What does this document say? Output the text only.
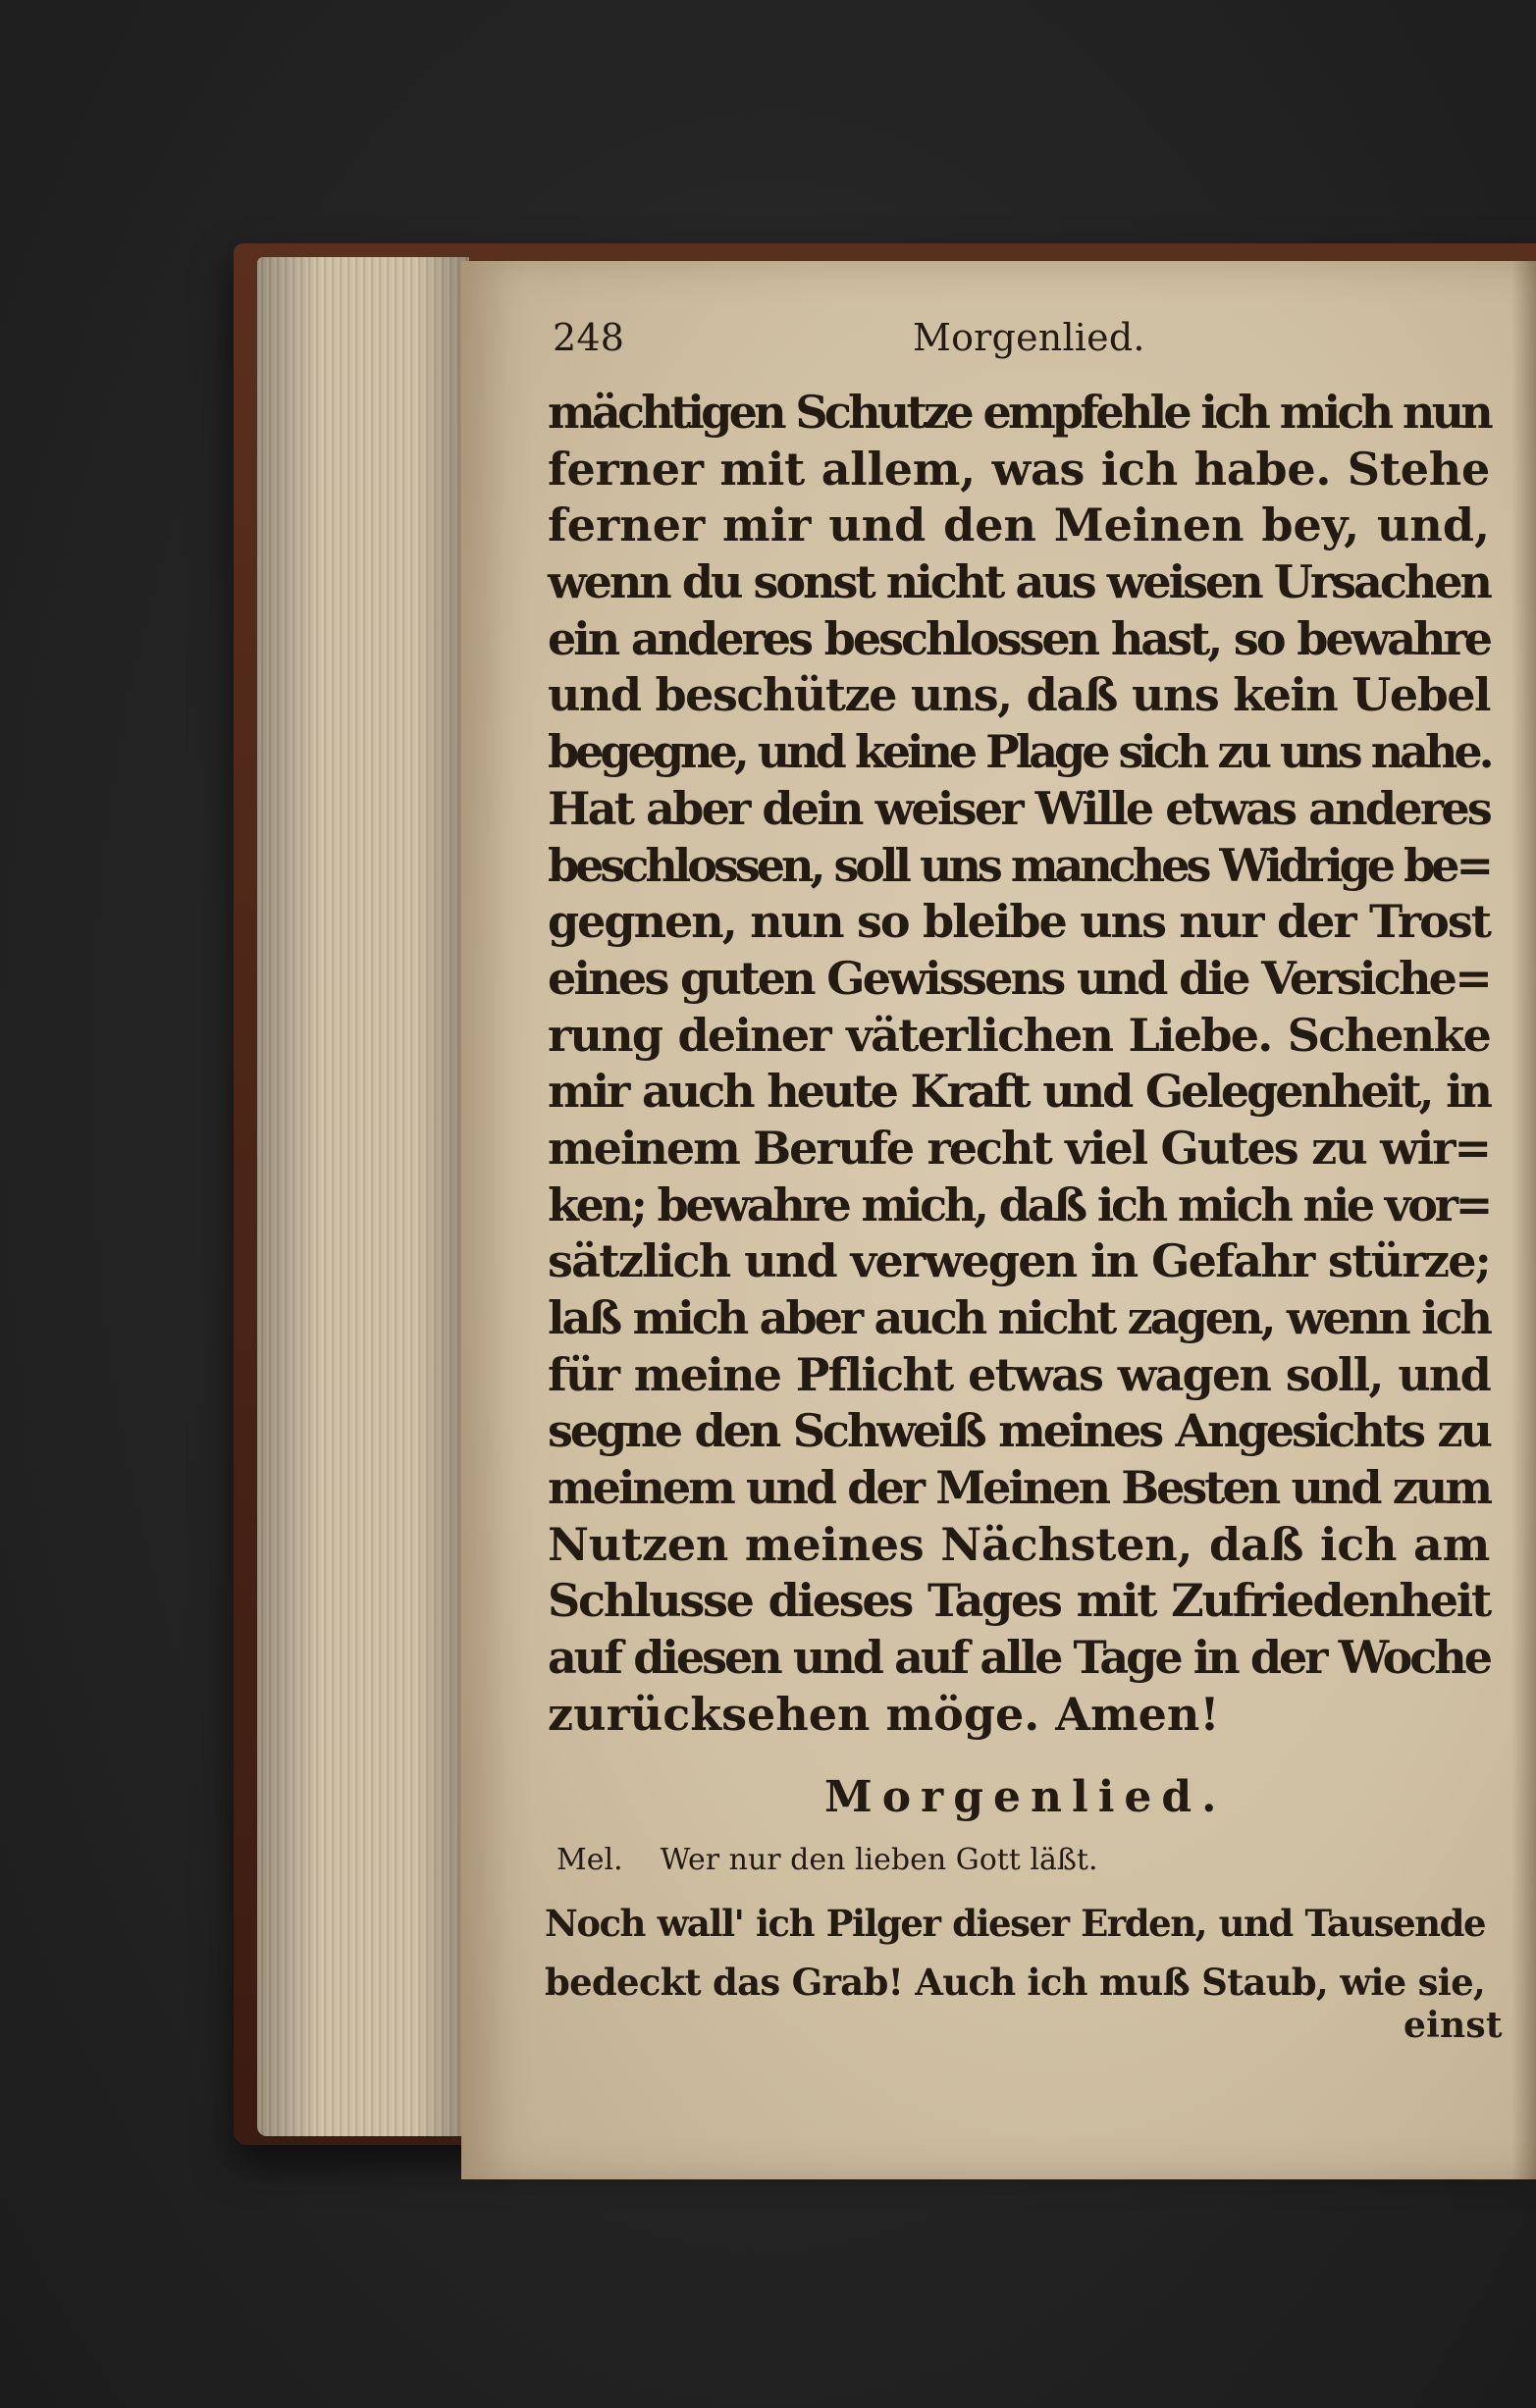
248	Morgenlied.
mächtigen Schutze empfehle ich mich nun
ferner mit allem, was ich habe. Stehe
ferner mir und den Meinen bey, und,
wenn du sonst nicht aus weisen Ursachen
ein anderes beschlossen hast, so bewahre
und beschütze uns, daß uns kein Uebel
begegne, und keine Plage sich zu uns nahe.
Hat aber dein weiser Wille etwas anderes
beschlossen, soll uns manches Widrige be=
gegnen, nun so bleibe uns nur der Trost
eines guten Gewissens und die Versiche=
rung deiner väterlichen Liebe. Schenke
mir auch heute Kraft und Gelegenheit, in
meinem Berufe recht viel Gutes zu wir=
ken; bewahre mich, daß ich mich nie vor=
sätzlich und verwegen in Gefahr stürze;
laß mich aber auch nicht zagen, wenn ich
für meine Pflicht etwas wagen soll, und
segne den Schweiß meines Angesichts zu
meinem und der Meinen Besten und zum
Nutzen meines Nächsten, daß ich am
Schlusse dieses Tages mit Zufriedenheit
auf diesen und auf alle Tage in der Woche
zurücksehen möge. Amen!
Morgenlied.
Mel. Wer nur den lieben Gott läßt.
Noch wall' ich Pilger dieser Erden, und Tausende
bedeckt das Grab! Auch ich muß Staub, wie sie,
einst
